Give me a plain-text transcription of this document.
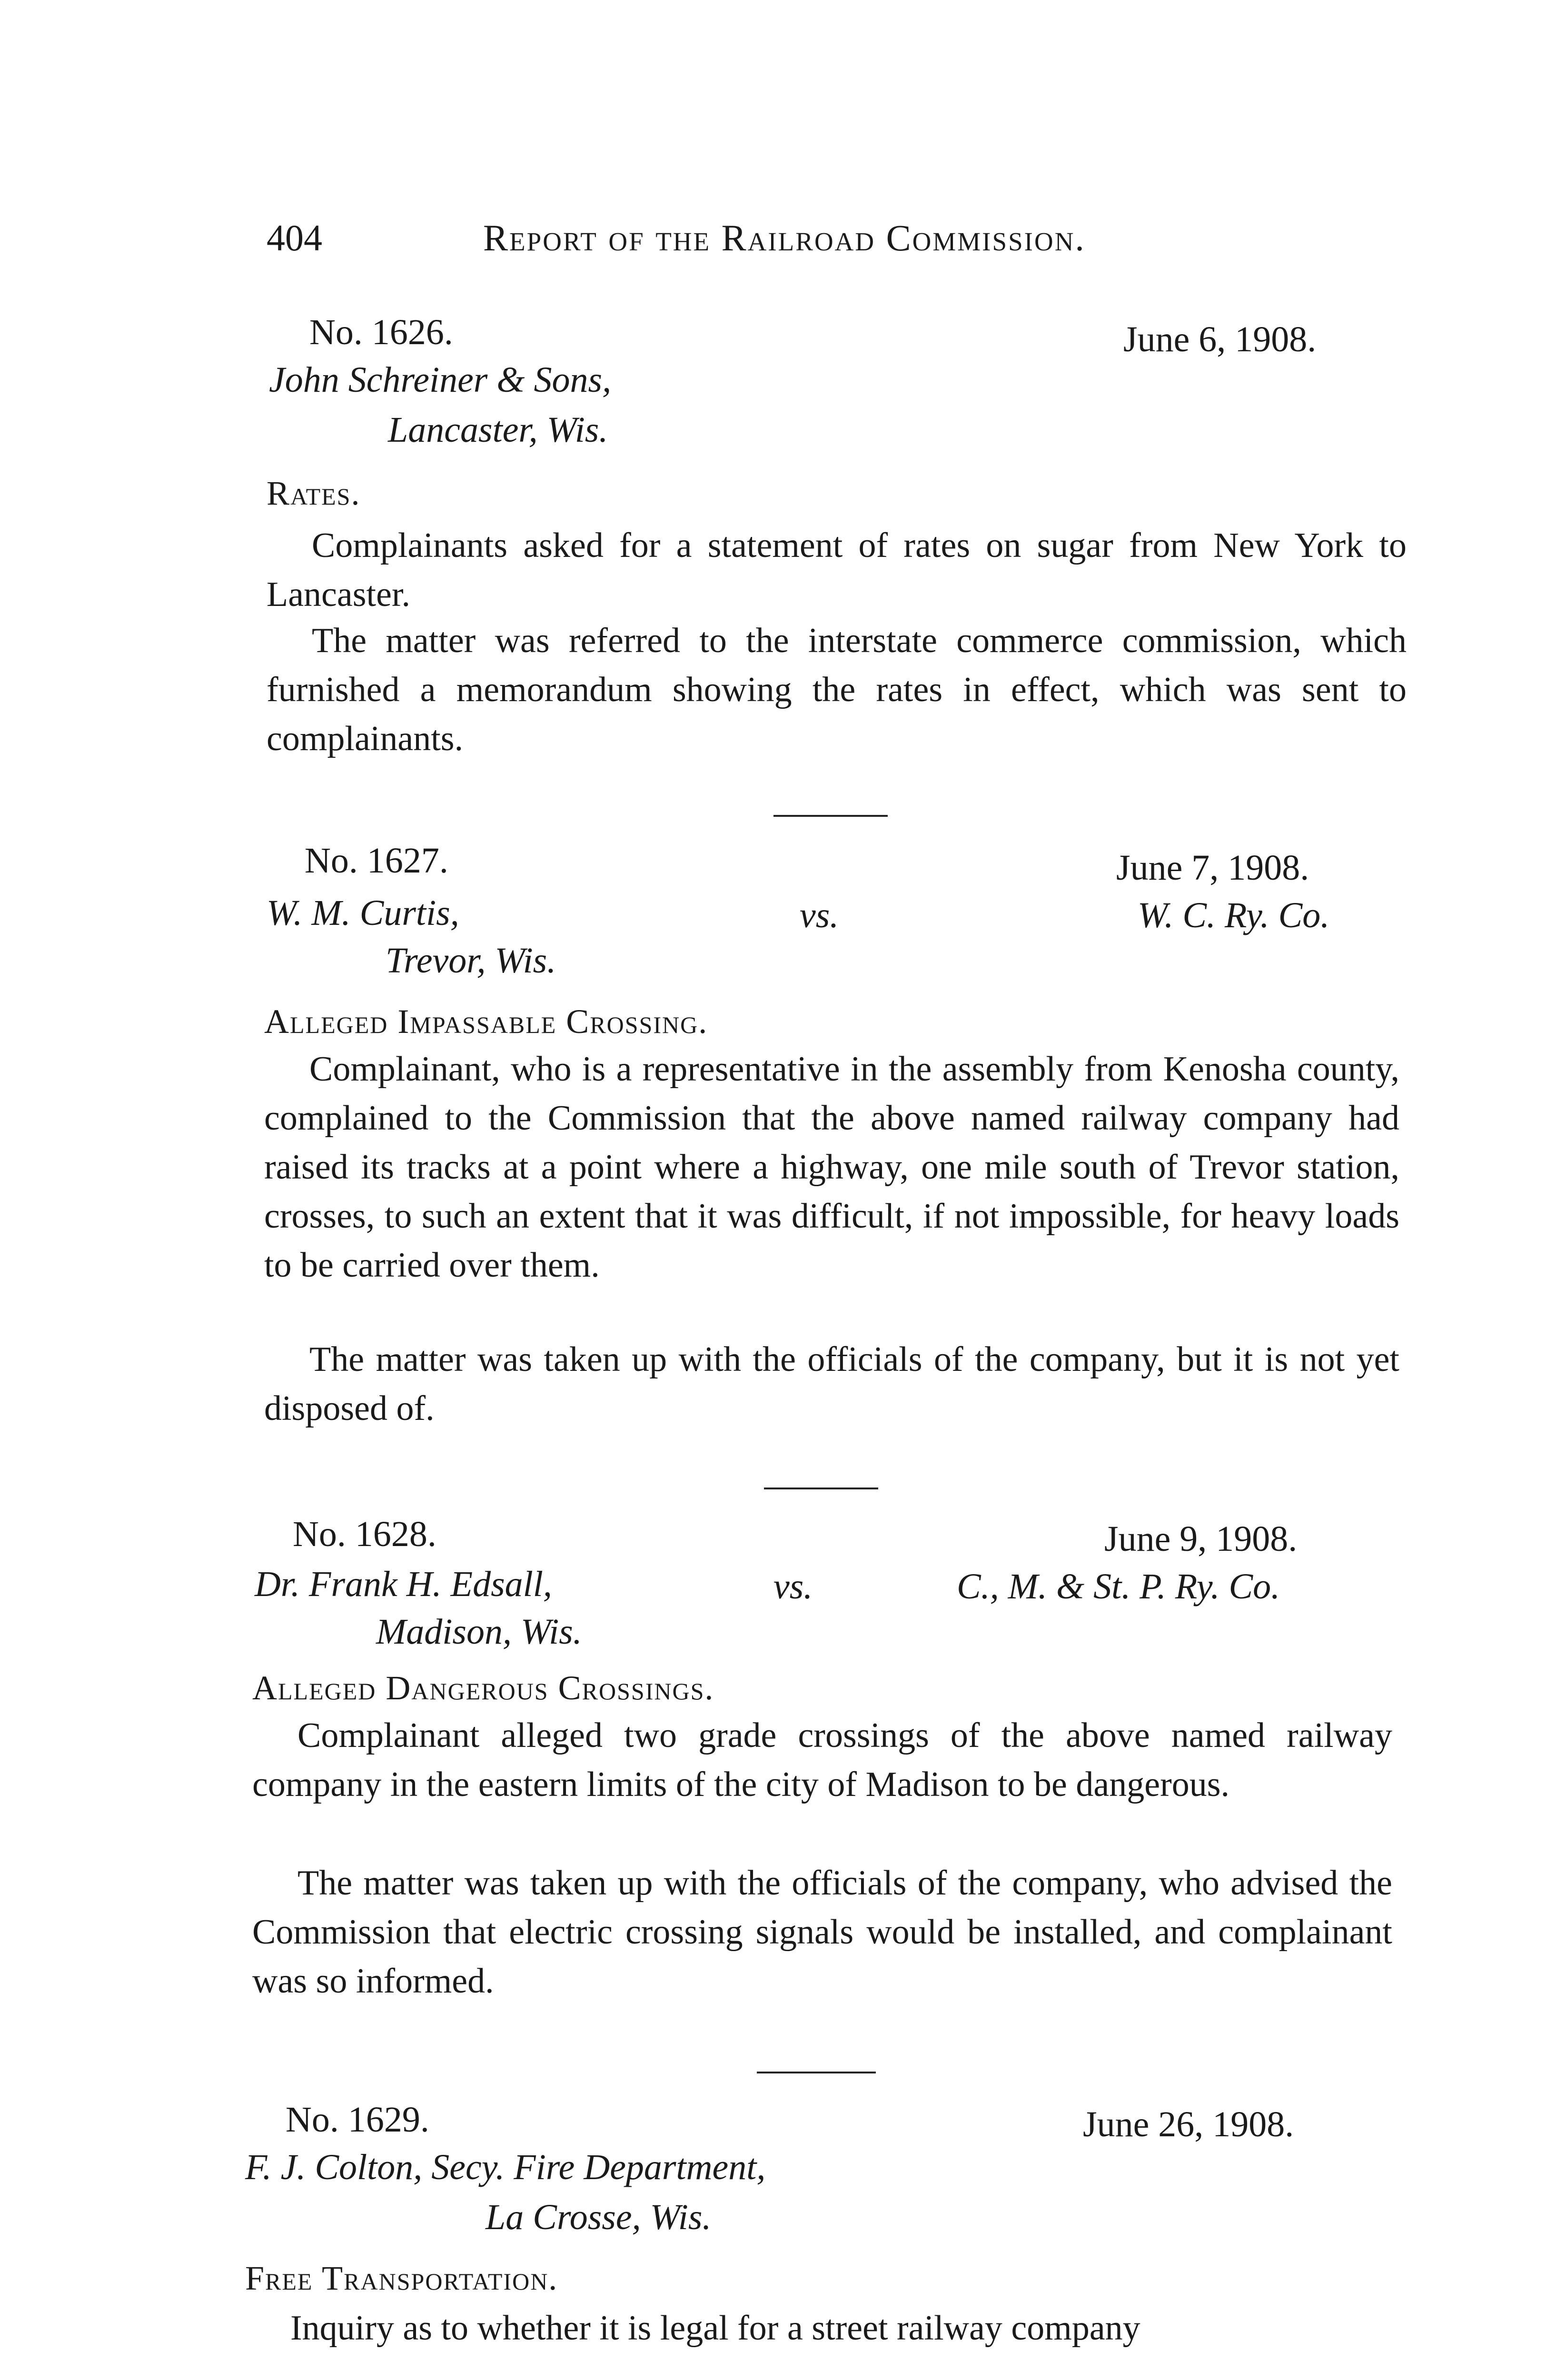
404	Report of the Railroad Commission.
No. 1626.	June 6, 1908.
John Schreiner & Sons,
Lancaster, Wis.
Rates.

Complainants asked for a statement of rates on sugar from New York to Lancaster.

The matter was referred to the interstate commerce commission, which furnished a memorandum showing the rates in effect, which was sent to complainants.

No. 1627.	June 7, 1908.
W. M. Curtis,	vs.	W. C. Ry. Co.
Trevor, Wis.
Alleged Impassable Crossing.

Complainant, who is a representative in the assembly from Kenosha county, complained to the Commission that the above named railway company had raised its tracks at a point where a highway, one mile south of Trevor station, crosses, to such an extent that it was difficult, if not impossible, for heavy loads to be carried over them.

The matter was taken up with the officials of the company, but it is not yet disposed of.

No. 1628.	June 9, 1908.
Dr. Frank H. Edsall,	vs.	C., M. & St. P. Ry. Co.
Madison, Wis.
Alleged Dangerous Crossings.

Complainant alleged two grade crossings of the above named railway company in the eastern limits of the city of Madison to be dangerous.

The matter was taken up with the officials of the company, who advised the Commission that electric crossing signals would be installed, and complainant was so informed.

No. 1629.	June 26, 1908.
F. J. Colton, Secy. Fire Department,
La Crosse, Wis.
Free Transportation.

Inquiry as to whether it is legal for a street railway company
